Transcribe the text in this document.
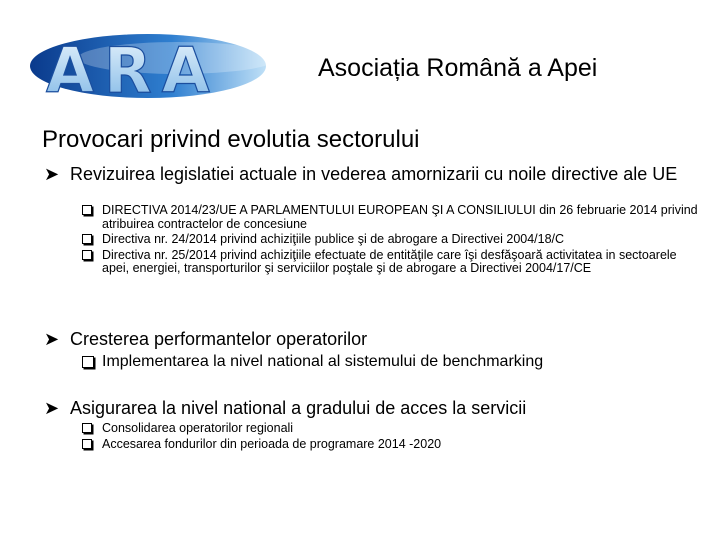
ARA	Asociația Română a Apei
Provocari privind evolutia sectorului
➤ Revizuirea legislatiei actuale in vederea amornizarii cu noile directive ale UE
DIRECTIVA 2014/23/UE A PARLAMENTULUI EUROPEAN ŞI A CONSILIULUI din 26 februarie 2014 privind atribuirea contractelor de concesiune
Directiva nr. 24/2014 privind achiziţiile publice şi de abrogare a Directivei 2004/18/C
Directiva nr. 25/2014 privind achiziţiile efectuate de entităţile care îşi desfăşoară activitatea in sectoarele apei, energiei, transporturilor şi serviciilor poştale şi de abrogare a Directivei 2004/17/CE
➤ Cresterea performantelor operatorilor
Implementarea la nivel national al sistemului de benchmarking
➤ Asigurarea la nivel national a gradului de acces la servicii
Consolidarea operatorilor regionali
Accesarea fondurilor din perioada de programare 2014 -2020
